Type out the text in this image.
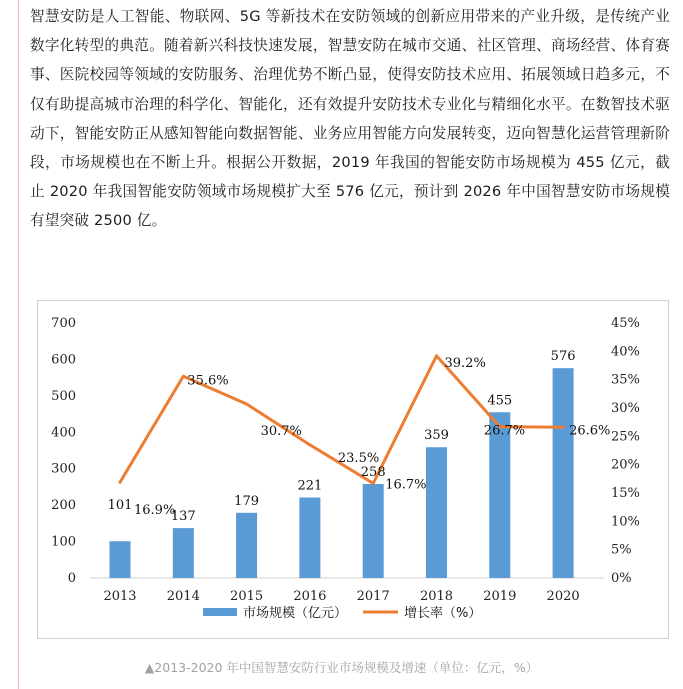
智慧安防是人工智能、物联网、5G 等新技术在安防领域的创新应用带来的产业升级，是传统产业数字化转型的典范。随着新兴科技快速发展，智慧安防在城市交通、社区管理、商场经营、体育赛事、医院校园等领域的安防服务、治理优势不断凸显，使得安防技术应用、拓展领域日趋多元，不仅有助提高城市治理的科学化、智能化，还有效提升安防技术专业化与精细化水平。在数智技术驱动下，智能安防正从感知智能向数据智能、业务应用智能方向发展转变，迈向智慧化运营管理新阶段，市场规模也在不断上升。根据公开数据，2019 年我国的智能安防市场规模为 455 亿元，截止 2020 年我国智能安防领域市场规模扩大至 576 亿元，预计到 2026 年中国智慧安防市场规模有望突破 2500 亿。

0
100
200
300
400
500
600
700
0%
5%
10%
15%
20%
25%
30%
35%
40%
45%
2013 2014 2015 2016 2017 2018 2019 2020
101
137
179
221
258
359
455
576
16.9%
35.6%
30.7%
23.5%
16.7%
39.2%
26.7%	26.6%
市场规模（亿元）	增长率（%）

▲2013-2020 年中国智慧安防行业市场规模及增速（单位：亿元，%）
